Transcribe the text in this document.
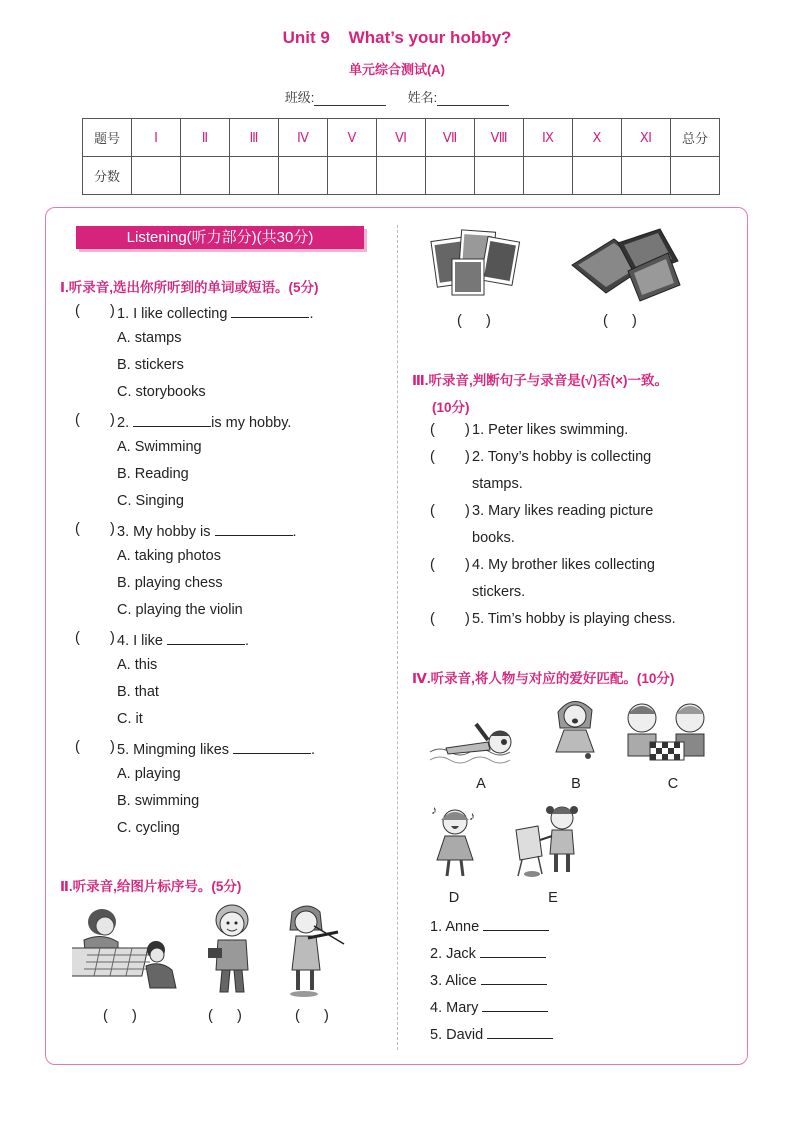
Unit 9    What’s your hobby?
单元综合测试(A)
班级:	姓名:
题号	Ⅰ	Ⅱ	Ⅲ	Ⅳ	Ⅴ	Ⅵ	Ⅶ	Ⅷ	Ⅸ	Ⅹ	Ⅺ	总分
分数												
Listening(听力部分)(共30分)
Ⅰ.听录音,选出你所听到的单词或短语。(5分)
( ) 1. I like collecting	.
A. stamps
B. stickers
C. storybooks
( ) 2.	is my hobby.
A. Swimming
B. Reading
C. Singing
( ) 3. My hobby is	.
A. taking photos
B. playing chess
C. playing the violin
( ) 4. I like	.
A. this
B. that
C. it
( ) 5. Mingming likes	.
A. playing
B. swimming
C. cycling
Ⅱ.听录音,给图片标序号。(5分)
(      )	(      )	(      )
(      )	(      )
Ⅲ.听录音,判断句子与录音是(√)否(×)一致。
(10分)
( ) 1. Peter likes swimming.
( ) 2. Tony’s hobby is collecting
stamps.
( ) 3. Mary likes reading picture
books.
( ) 4. My brother likes collecting
stickers.
( ) 5. Tim’s hobby is playing chess.
Ⅳ.听录音,将人物与对应的爱好匹配。(10分)
A	B	C
♪	♪
D	E
1. Anne
2. Jack
3. Alice
4. Mary
5. David
